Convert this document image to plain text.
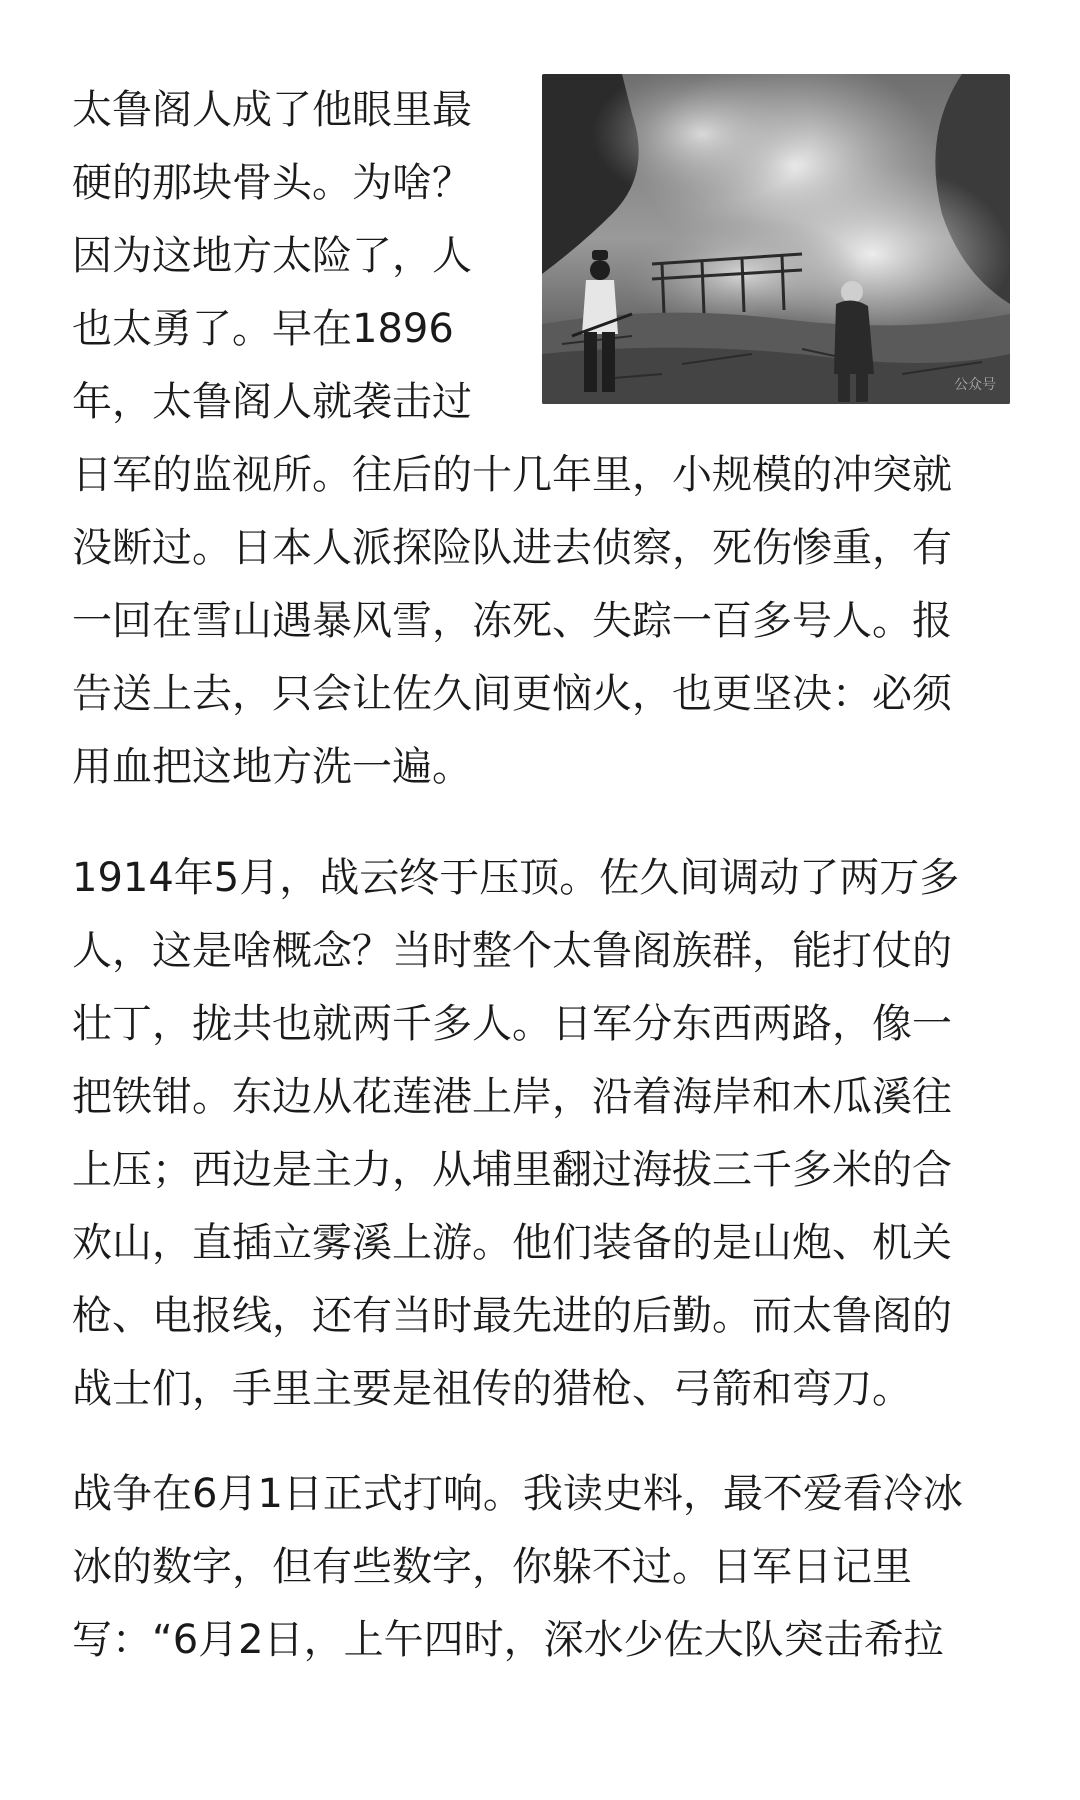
公众号
太鲁阁人成了他眼里最
硬的那块骨头。为啥？
因为这地方太险了，人
也太勇了。早在1896
年，太鲁阁人就袭击过
日军的监视所。往后的十几年里，小规模的冲突就
没断过。日本人派探险队进去侦察，死伤惨重，有
一回在雪山遇暴风雪，冻死、失踪一百多号人。报
告送上去，只会让佐久间更恼火，也更坚决：必须
用血把这地方洗一遍。
1914年5月，战云终于压顶。佐久间调动了两万多
人，这是啥概念？当时整个太鲁阁族群，能打仗的
壮丁，拢共也就两千多人。日军分东西两路，像一
把铁钳。东边从花莲港上岸，沿着海岸和木瓜溪往
上压；西边是主力，从埔里翻过海拔三千多米的合
欢山，直插立雾溪上游。他们装备的是山炮、机关
枪、电报线，还有当时最先进的后勤。而太鲁阁的
战士们，手里主要是祖传的猎枪、弓箭和弯刀。
战争在6月1日正式打响。我读史料，最不爱看冷冰
冰的数字，但有些数字，你躲不过。日军日记里
写：“6月2日，上午四时，深水少佐大队突击希拉
